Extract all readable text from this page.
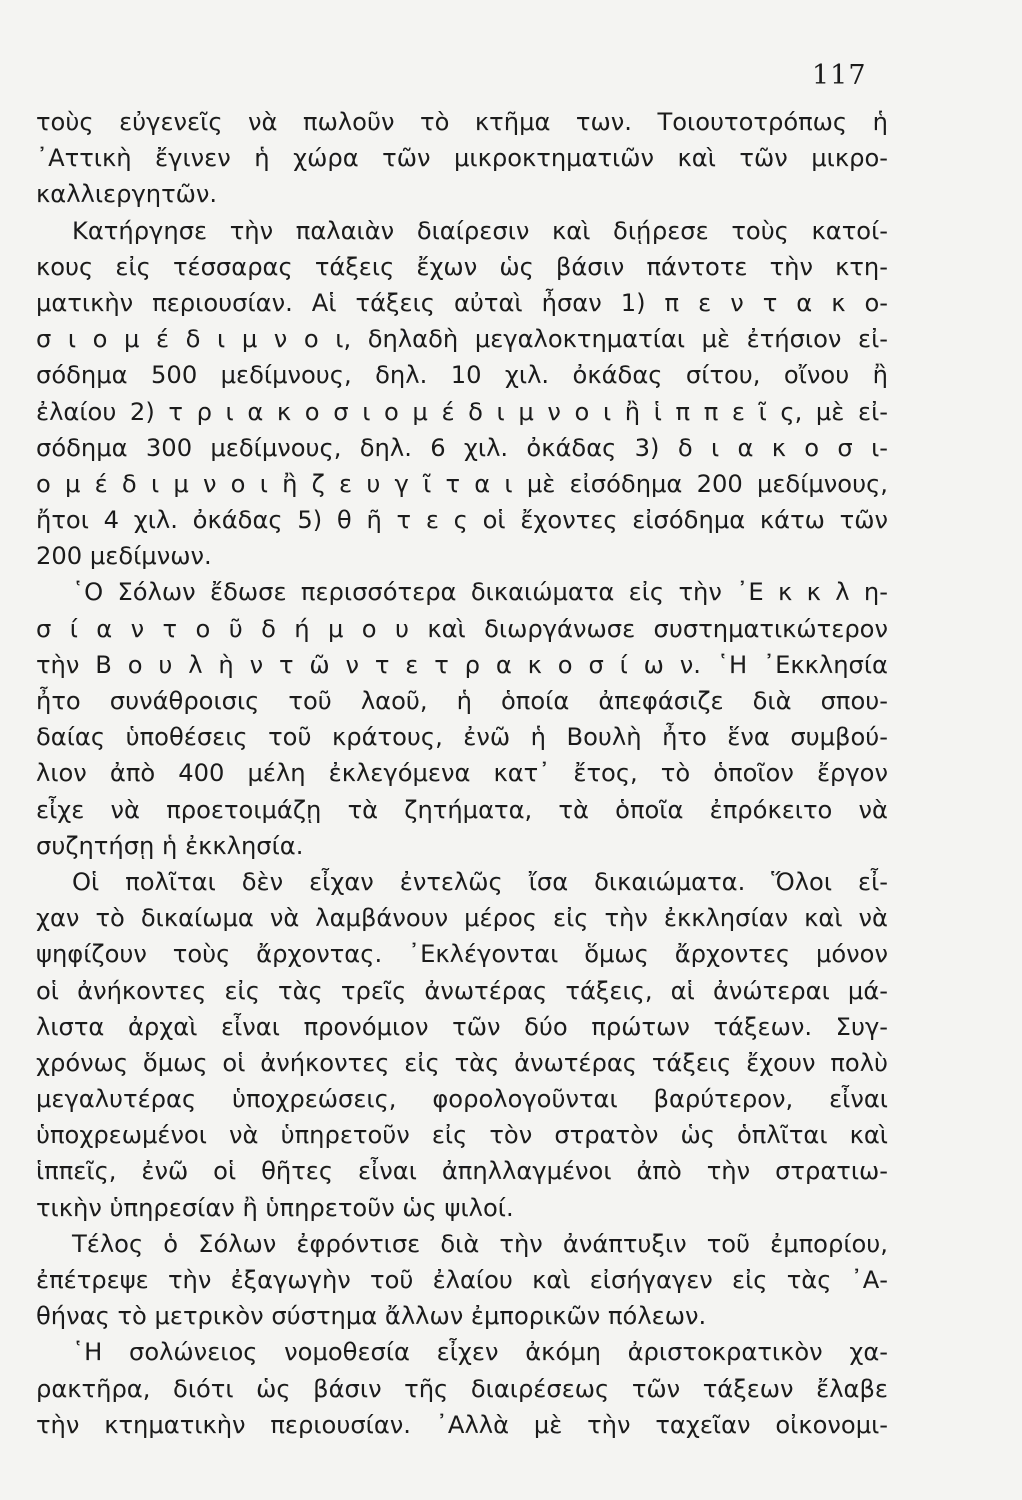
117
τοὺς εὐγενεῖς νὰ πωλοῦν τὸ κτῆμα των. Τοιουτοτρόπως ἡ
᾿Αττικὴ ἔγινεν ἡ χώρα τῶν μικροκτηματιῶν καὶ τῶν μικρο-
καλλιεργητῶν.
Κατήργησε τὴν παλαιὰν διαίρεσιν καὶ διῄρεσε τοὺς κατοί-
κους εἰς τέσσαρας τάξεις ἔχων ὡς βάσιν πάντοτε τὴν κτη-
ματικὴν περιουσίαν. Αἱ τάξεις αὐταὶ ἦσαν 1) π ε ν τ α κ ο-
σ ι ο μ έ δ ι μ ν ο ι, δηλαδὴ μεγαλοκτηματίαι μὲ ἐτήσιον εἰ-
σόδημα 500 μεδίμνους, δηλ. 10 χιλ. ὀκάδας σίτου, οἴνου ἢ
ἐλαίου 2) τ ρ ι α κ ο σ ι ο μ έ δ ι μ ν ο ι ἢ ἱ π π ε ῖ ς, μὲ εἰ-
σόδημα 300 μεδίμνους, δηλ. 6 χιλ. ὀκάδας 3) δ ι α κ ο σ ι-
ο μ έ δ ι μ ν ο ι ἢ ζ ε υ γ ῖ τ α ι μὲ εἰσόδημα 200 μεδίμνους,
ἤτοι 4 χιλ. ὀκάδας 5) θ ῆ τ ε ς οἱ ἔχοντες εἰσόδημα κάτω τῶν
200 μεδίμνων.
῾Ο Σόλων ἔδωσε περισσότερα δικαιώματα εἰς τὴν ᾿Ε κ κ λ η-
σ ί α ν τ ο ῦ δ ή μ ο υ καὶ διωργάνωσε συστηματικώτερον
τὴν Β ο υ λ ὴ ν τ ῶ ν τ ε τ ρ α κ ο σ ί ω ν. ῾Η ᾿Εκκλησία
ἦτο συνάθροισις τοῦ λαοῦ, ἡ ὁποία ἀπεφάσιζε διὰ σπου-
δαίας ὑποθέσεις τοῦ κράτους, ἐνῶ ἡ Βουλὴ ἦτο ἕνα συμβού-
λιον ἀπὸ 400 μέλη ἐκλεγόμενα κατ᾿ ἔτος, τὸ ὁποῖον ἔργον
εἶχε νὰ προετοιμάζῃ τὰ ζητήματα, τὰ ὁποῖα ἐπρόκειτο νὰ
συζητήσῃ ἡ ἐκκλησία.
Οἱ πολῖται δὲν εἶχαν ἐντελῶς ἴσα δικαιώματα. Ὅλοι εἶ-
χαν τὸ δικαίωμα νὰ λαμβάνουν μέρος εἰς τὴν ἐκκλησίαν καὶ νὰ
ψηφίζουν τοὺς ἄρχοντας. ᾿Εκλέγονται ὅμως ἄρχοντες μόνον
οἱ ἀνήκοντες εἰς τὰς τρεῖς ἀνωτέρας τάξεις, αἱ ἀνώτεραι μά-
λιστα ἀρχαὶ εἶναι προνόμιον τῶν δύο πρώτων τάξεων. Συγ-
χρόνως ὅμως οἱ ἀνήκοντες εἰς τὰς ἀνωτέρας τάξεις ἔχουν πολὺ
μεγαλυτέρας ὑποχρεώσεις, φορολογοῦνται βαρύτερον, εἶναι
ὑποχρεωμένοι νὰ ὑπηρετοῦν εἰς τὸν στρατὸν ὡς ὁπλῖται καὶ
ἱππεῖς, ἐνῶ οἱ θῆτες εἶναι ἀπηλλαγμένοι ἀπὸ τὴν στρατιω-
τικὴν ὑπηρεσίαν ἢ ὑπηρετοῦν ὡς ψιλοί.
Τέλος ὁ Σόλων ἐφρόντισε διὰ τὴν ἀνάπτυξιν τοῦ ἐμπορίου,
ἐπέτρεψε τὴν ἐξαγωγὴν τοῦ ἐλαίου καὶ εἰσήγαγεν εἰς τὰς ᾿Α-
θήνας τὸ μετρικὸν σύστημα ἄλλων ἐμπορικῶν πόλεων.
῾Η σολώνειος νομοθεσία εἶχεν ἀκόμη ἀριστοκρατικὸν χα-
ρακτῆρα, διότι ὡς βάσιν τῆς διαιρέσεως τῶν τάξεων ἔλαβε
τὴν κτηματικὴν περιουσίαν. ᾿Αλλὰ μὲ τὴν ταχεῖαν οἰκονομι-
